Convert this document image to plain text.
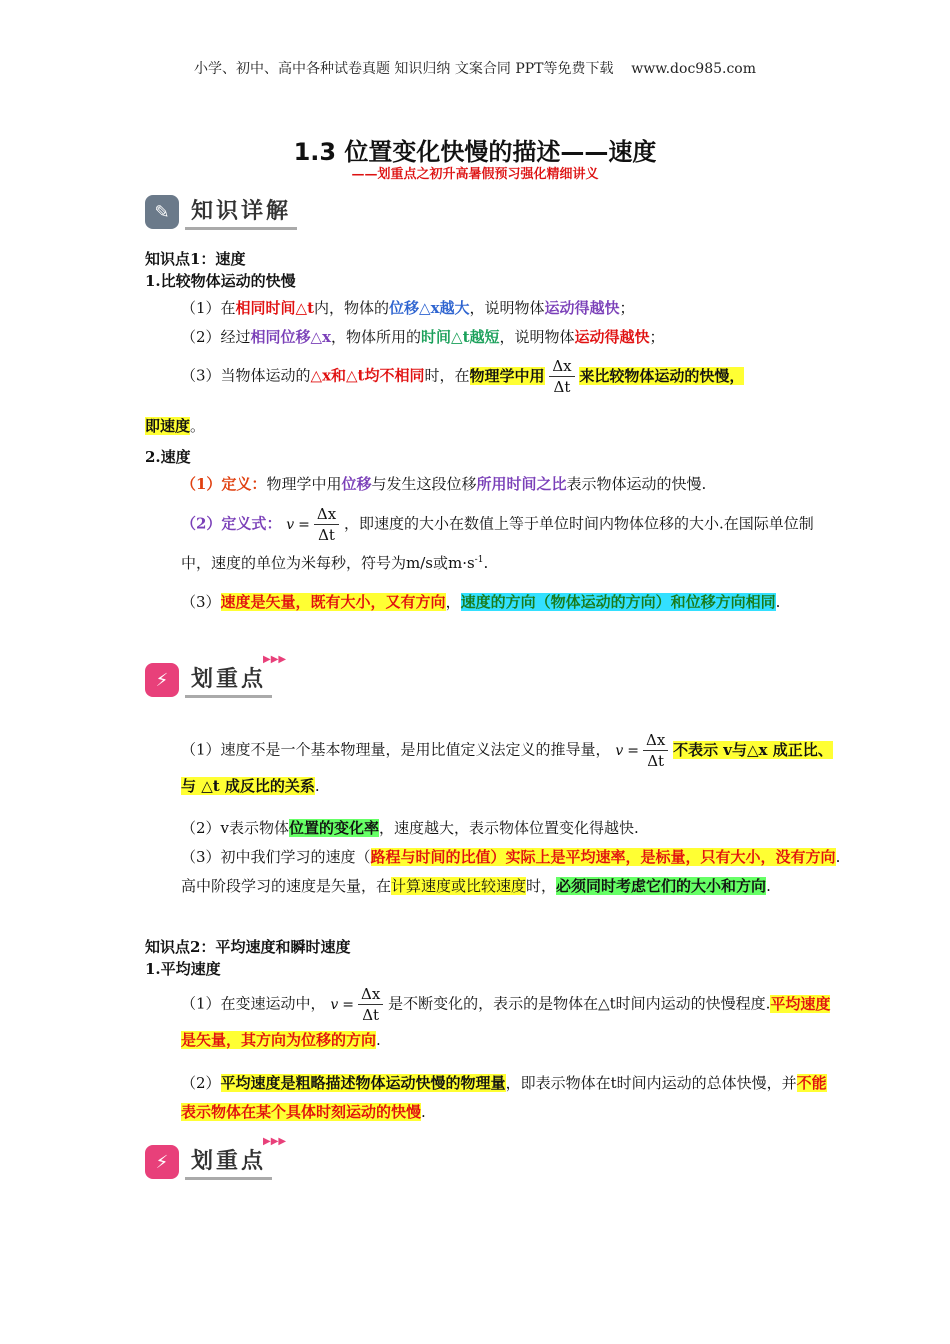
小学、初中、高中各种试卷真题 知识归纳 文案合同 PPT等免费下载    www.doc985.com
1.3 位置变化快慢的描述——速度
——划重点之初升高暑假预习强化精细讲义
✎ 知识详解
知识点1：速度
1.比较物体运动的快慢
（1）在相同时间△t内，物体的位移△x越大，说明物体运动得越快；
（2）经过相同位移△x，物体所用的时间△t越短，说明物体运动得越快；
（3）当物体运动的△x和△t均不相同时，在物理学中用 $\frac{\Delta x}{\Delta t}$ 来比较物体运动的快慢，
即速度。
2.速度
（1）定义：物理学中用位移与发生这段位移所用时间之比表示物体运动的快慢.
（2）定义式： $v = \frac{\Delta x}{\Delta t}$ ，即速度的大小在数值上等于单位时间内物体位移的大小.在国际单位制中，速度的单位为米每秒，符号为m/s或$m\cdot s^{-1}$.
（3）速度是矢量，既有大小，又有方向，速度的方向（物体运动的方向）和位移方向相同.
⚡	划重点
▶▶▶
（1）速度不是一个基本物理量，是用比值定义法定义的推导量， $v = \frac{\Delta x}{\Delta t}$ 不表示 v与△x 成正比、与 △t 成反比的关系.
（2）v表示物体位置的变化率，速度越大，表示物体位置变化得越快.
（3）初中我们学习的速度（路程与时间的比值）实际上是平均速率，是标量，只有大小，没有方向.高中阶段学习的速度是矢量，在计算速度或比较速度时，必须同时考虑它们的大小和方向.
知识点2：平均速度和瞬时速度
1.平均速度
（1）在变速运动中， $v = \frac{\Delta x}{\Delta t}$ 是不断变化的，表示的是物体在△t时间内运动的快慢程度.平均速度是矢量，其方向为位移的方向.
（2）平均速度是粗略描述物体运动快慢的物理量，即表示物体在t时间内运动的总体快慢，并不能表示物体在某个具体时刻运动的快慢.
⚡	划重点
▶▶▶
